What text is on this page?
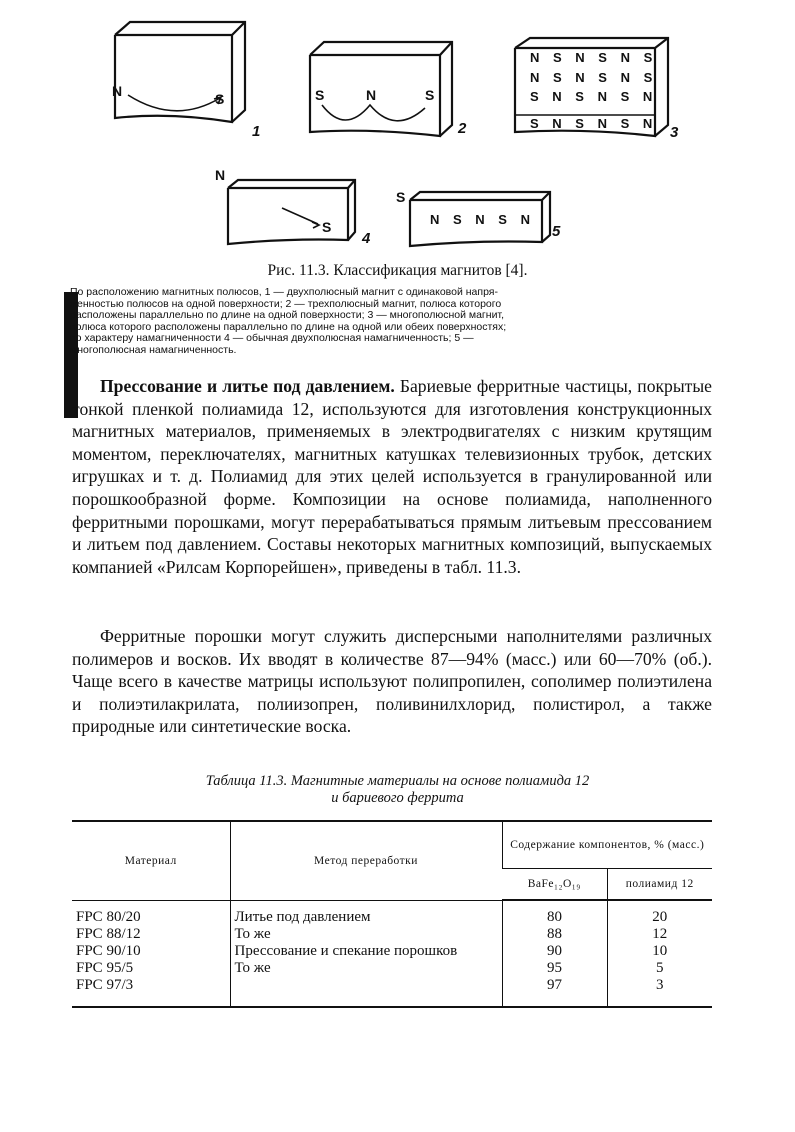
N	S
1
S	N	S
2
N S N S N S
N S N S N S
S N S N S N
S N S N S N
3
N
S
4
S
N S N S N
5
Рис. 11.3. Классификация магнитов [4].
По расположению магнитных полюсов, 1 — двухполюсный магнит с одинаковой напря-
женностью полюсов на одной поверхности; 2 — трехполюсный магнит, полюса которого
расположены параллельно по длине на одной поверхности; 3 — многополюсной магнит,
полюса которого расположены параллельно по длине на одной или обеих поверхностях;
по характеру намагниченности 4 — обычная двухполюсная намагниченность; 5 —
многополюсная намагниченность.
Прессование и литье под давлением. Бариевые ферритные частицы, покрытые тонкой пленкой полиамида 12, используются для изготовления конструкционных магнитных материалов, применяемых в электродвигателях с низким крутящим моментом, переключателях, магнитных катушках телевизионных трубок, детских игрушках и т. д. Полиамид для этих целей используется в гранулированной или порошкообразной форме. Композиции на основе полиамида, наполненного ферритными порошками, могут перерабатываться прямым литьевым прессованием и литьем под давлением. Составы некоторых магнитных композиций, выпускаемых компанией «Рилсам Корпорейшен», приведены в табл. 11.3.
Ферритные порошки могут служить дисперсными наполнителями различных полимеров и восков. Их вводят в количестве 87—94% (масс.) или 60—70% (об.). Чаще всего в качестве матрицы используют полипропилен, сополимер полиэтилена и полиэтилакрилата, полиизопрен, поливинилхлорид, полистирол, а также природные или синтетические воска.
Таблица 11.3. Магнитные материалы на основе полиамида 12
и бариевого феррита
Материал	Метод переработки	Содержание компонентов, % (масс.)	
		BaFe₁₂O₁₉	полиамид 12
FPC 80/20	Литье под давлением	80	20
FPC 88/12	То же	88	12
FPC 90/10	Прессование и спекание порошков	90	10
FPC 95/5	То же	95	5
FPC 97/3		97	3
